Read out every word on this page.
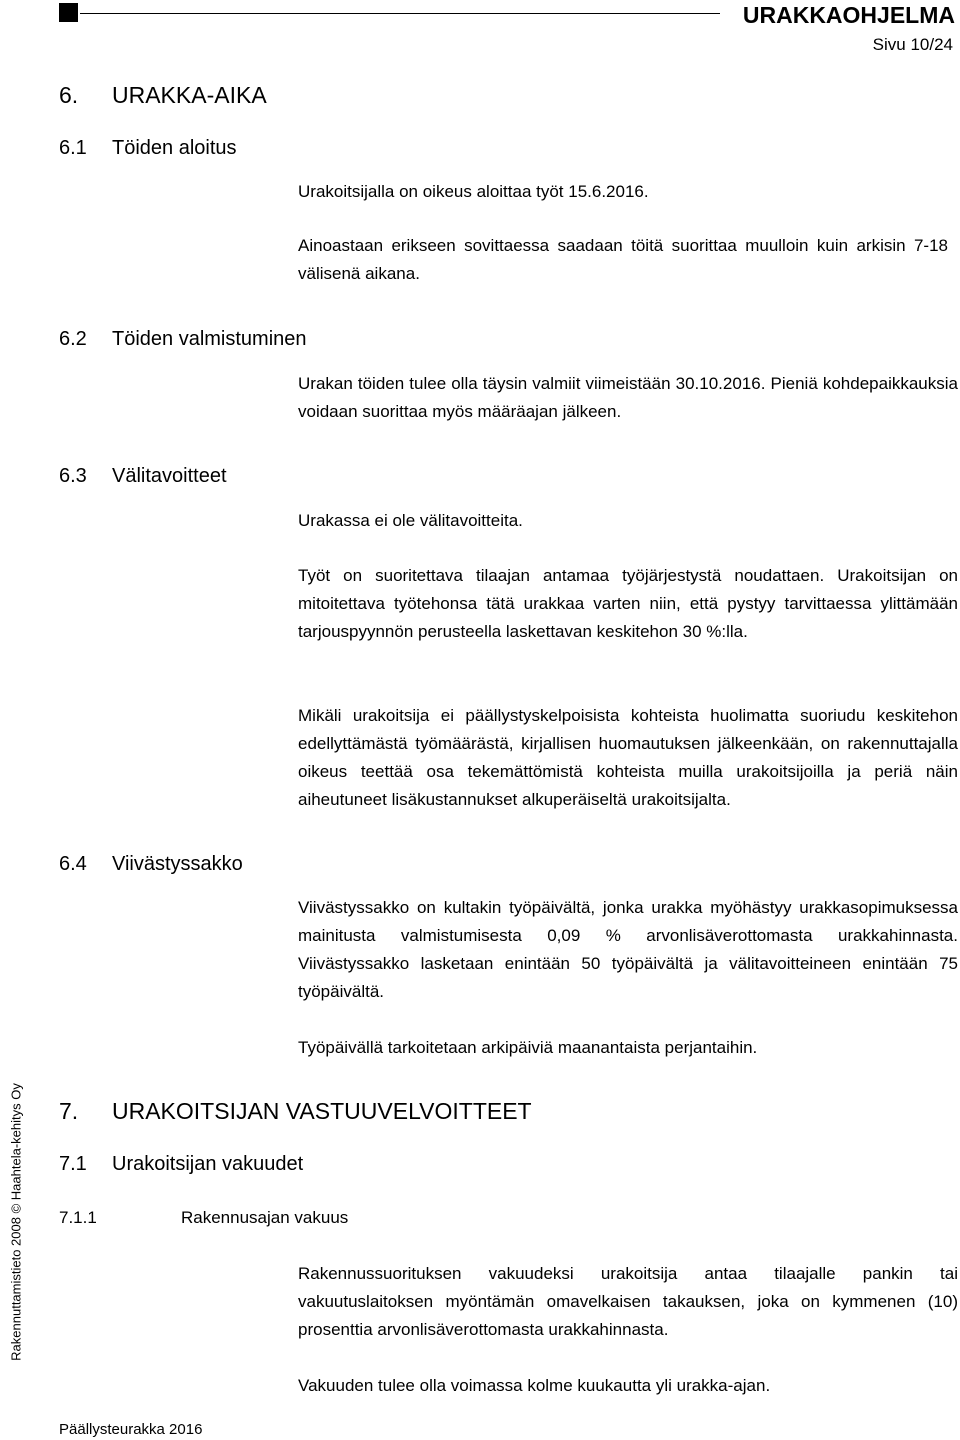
URAKKAOHJELMA
Sivu 10/24
6. URAKKA-AIKA
6.1 Töiden aloitus

Urakoitsijalla on oikeus aloittaa työt 15.6.2016.

Ainoastaan erikseen sovittaessa saadaan töitä suorittaa muulloin kuin arkisin 7-18 välisenä aikana.

6.2 Töiden valmistuminen

Urakan töiden tulee olla täysin valmiit viimeistään 30.10.2016. Pieniä kohdepaikkauksia voidaan suorittaa myös määräajan jälkeen.

6.3 Välitavoitteet

Urakassa ei ole välitavoitteita.

Työt on suoritettava tilaajan antamaa työjärjestystä noudattaen. Urakoitsijan on mitoitettava työtehonsa tätä urakkaa varten niin, että pystyy tarvittaessa ylittämään tarjouspyynnön perusteella laskettavan keskitehon 30 %:lla.

Mikäli urakoitsija ei päällystyskelpoisista kohteista huolimatta suoriudu keskitehon edellyttämästä työmäärästä, kirjallisen huomautuksen jälkeenkään, on rakennuttajalla oikeus teettää osa tekemättömistä kohteista muilla urakoitsijoilla ja periä näin aiheutuneet lisäkustannukset alkuperäiseltä urakoitsijalta.

6.4 Viivästyssakko

Viivästyssakko on kultakin työpäivältä, jonka urakka myöhästyy urakkasopimuksessa mainitusta valmistumisesta 0,09 % arvonlisäverottomasta urakkahinnasta. Viivästyssakko lasketaan enintään 50 työpäivältä ja välitavoitteineen enintään 75 työpäivältä.

Työpäivällä tarkoitetaan arkipäiviä maanantaista perjantaihin.

7. URAKOITSIJAN VASTUUVELVOITTEET
7.1 Urakoitsijan vakuudet
7.1.1	Rakennusajan vakuus

Rakennussuorituksen vakuudeksi urakoitsija antaa tilaajalle pankin tai vakuutuslaitoksen myöntämän omavelkaisen takauksen, joka on kymmenen (10) prosenttia arvonlisäverottomasta urakkahinnasta.

Vakuuden tulee olla voimassa kolme kuukautta yli urakka-ajan.

Rakennuttamistieto 2008 © Haahtela-kehitys Oy
Päällysteurakka 2016
